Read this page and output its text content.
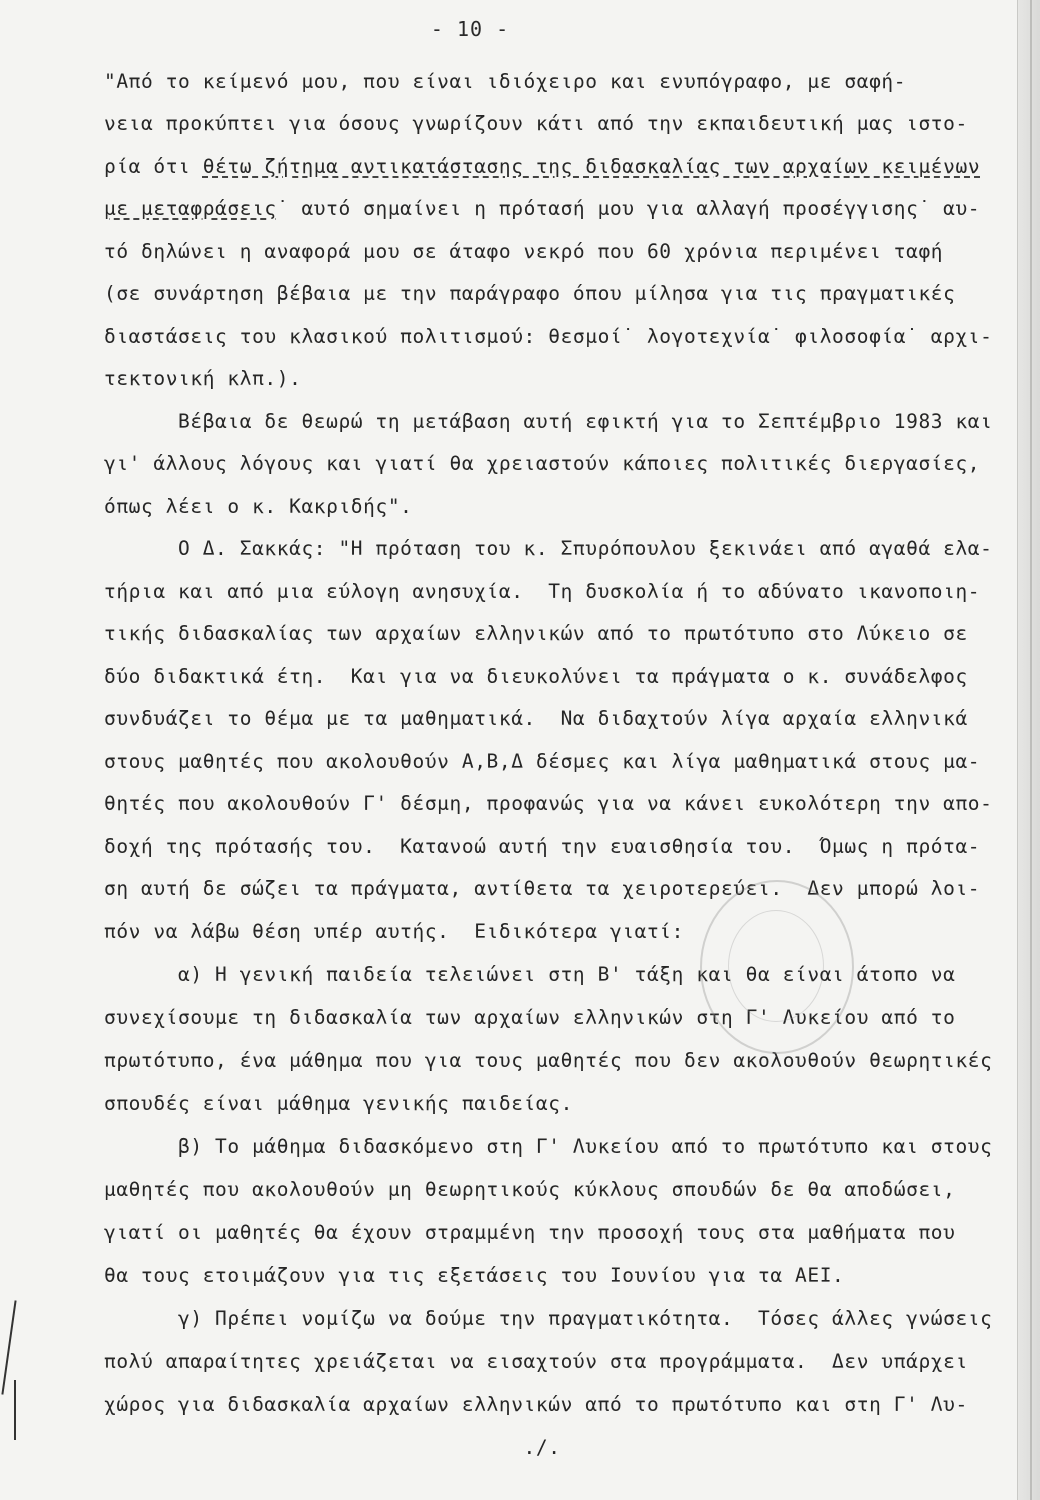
- 10 -
"Από το κείμενό μου, που είναι ιδιόχειρο και ενυπόγραφο, με σαφή-
νεια προκύπτει για όσους γνωρίζουν κάτι από την εκπαιδευτική μας ιστο-
ρία ότι θέτω ζήτημα αντικατάστασης της διδασκαλίας των αρχαίων κειμένων
με μεταφράσεις˙ αυτό σημαίνει η πρότασή μου για αλλαγή προσέγγισης˙ αυ-
τό δηλώνει η αναφορά μου σε άταφο νεκρό που 60 χρόνια περιμένει ταφή
(σε συνάρτηση βέβαια με την παράγραφο όπου μίλησα για τις πραγματικές
διαστάσεις του κλασικού πολιτισμού: θεσμοί˙ λογοτεχνία˙ φιλοσοφία˙ αρχι-
τεκτονική κλπ.).
Βέβαια δε θεωρώ τη μετάβαση αυτή εφικτή για το Σεπτέμβριο 1983 και
γι' άλλους λόγους και γιατί θα χρειαστούν κάποιες πολιτικές διεργασίες,
όπως λέει ο κ. Κακριδής".
Ο Δ. Σακκάς: "Η πρόταση του κ. Σπυρόπουλου ξεκινάει από αγαθά ελα-
τήρια και από μια εύλογη ανησυχία.  Τη δυσκολία ή το αδύνατο ικανοποιη-
τικής διδασκαλίας των αρχαίων ελληνικών από το πρωτότυπο στο Λύκειο σε
δύο διδακτικά έτη.  Και για να διευκολύνει τα πράγματα ο κ. συνάδελφος
συνδυάζει το θέμα με τα μαθηματικά.  Να διδαχτούν λίγα αρχαία ελληνικά
στους μαθητές που ακολουθούν Α,Β,Δ δέσμες και λίγα μαθηματικά στους μα-
θητές που ακολουθούν Γ' δέσμη, προφανώς για να κάνει ευκολότερη την απο-
δοχή της πρότασής του.  Κατανοώ αυτή την ευαισθησία του.  Όμως η πρότα-
ση αυτή δε σώζει τα πράγματα, αντίθετα τα χειροτερεύει.  Δεν μπορώ λοι-
πόν να λάβω θέση υπέρ αυτής.  Ειδικότερα γιατί:
α) Η γενική παιδεία τελειώνει στη Β' τάξη και θα είναι άτοπο να
συνεχίσουμε τη διδασκαλία των αρχαίων ελληνικών στη Γ' Λυκείου από το
πρωτότυπο, ένα μάθημα που για τους μαθητές που δεν ακολουθούν θεωρητικές
σπουδές είναι μάθημα γενικής παιδείας.
β) Το μάθημα διδασκόμενο στη Γ' Λυκείου από το πρωτότυπο και στους
μαθητές που ακολουθούν μη θεωρητικούς κύκλους σπουδών δε θα αποδώσει,
γιατί οι μαθητές θα έχουν στραμμένη την προσοχή τους στα μαθήματα που
θα τους ετοιμάζουν για τις εξετάσεις του Ιουνίου για τα ΑΕΙ.
γ) Πρέπει νομίζω να δούμε την πραγματικότητα.  Τόσες άλλες γνώσεις
πολύ απαραίτητες χρειάζεται να εισαχτούν στα προγράμματα.  Δεν υπάρχει
χώρος για διδασκαλία αρχαίων ελληνικών από το πρωτότυπο και στη Γ' Λυ-
./.
